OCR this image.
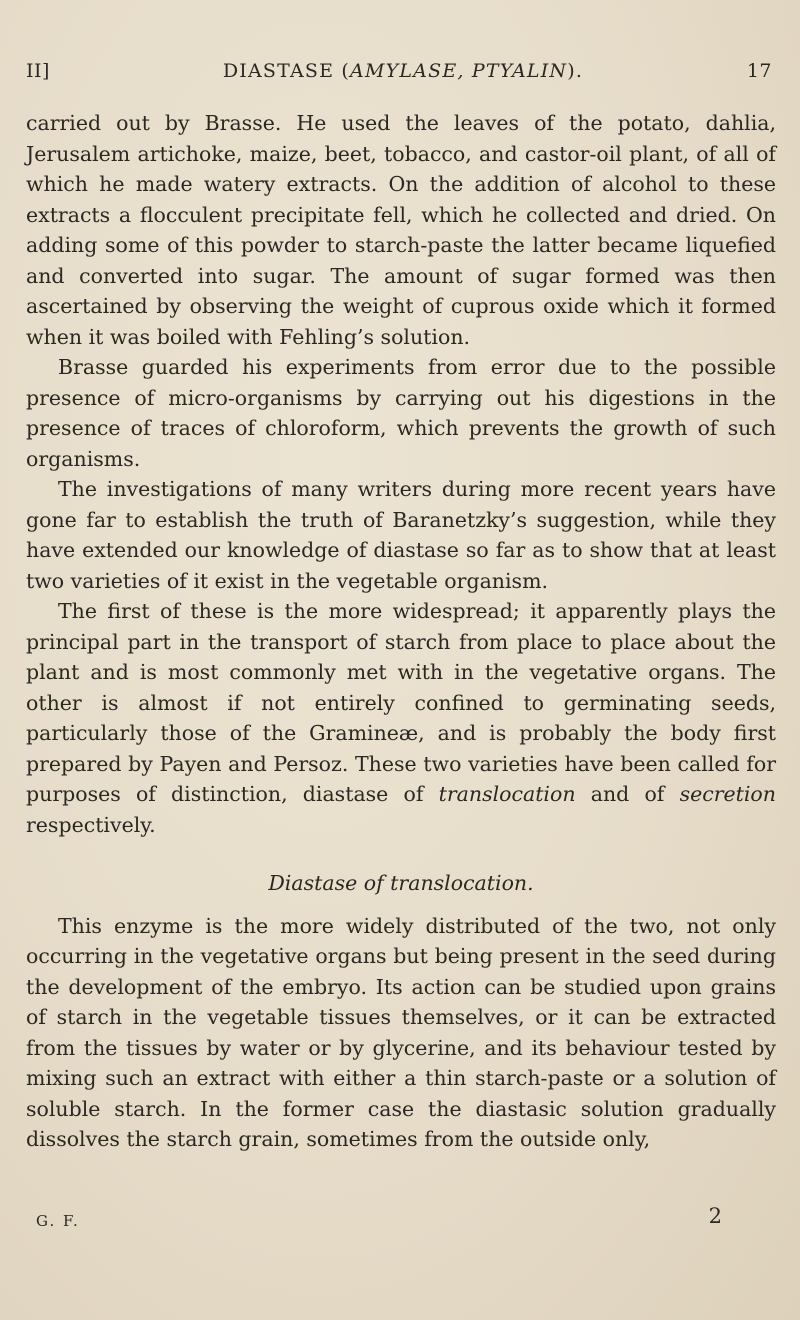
II]	DIASTASE (AMYLASE, PTYALIN).	17

carried out by Brasse. He used the leaves of the potato, dahlia, Jerusalem artichoke, maize, beet, tobacco, and castor-oil plant, of all of which he made watery extracts. On the addition of alcohol to these extracts a flocculent precipitate fell, which he collected and dried. On adding some of this powder to starch-paste the latter became liquefied and converted into sugar. The amount of sugar formed was then ascertained by observing the weight of cuprous oxide which it formed when it was boiled with Fehling’s solution.

Brasse guarded his experiments from error due to the possible presence of micro-organisms by carrying out his digestions in the presence of traces of chloroform, which prevents the growth of such organisms.

The investigations of many writers during more recent years have gone far to establish the truth of Baranetzky’s suggestion, while they have extended our knowledge of diastase so far as to show that at least two varieties of it exist in the vegetable organism.

The first of these is the more widespread; it apparently plays the principal part in the transport of starch from place to place about the plant and is most commonly met with in the vegetative organs. The other is almost if not entirely confined to germinating seeds, particularly those of the Gramineæ, and is probably the body first prepared by Payen and Persoz. These two varieties have been called for purposes of distinction, diastase of translocation and of secretion respectively.

Diastase of translocation.

This enzyme is the more widely distributed of the two, not only occurring in the vegetative organs but being present in the seed during the development of the embryo. Its action can be studied upon grains of starch in the vegetable tissues themselves, or it can be extracted from the tissues by water or by glycerine, and its behaviour tested by mixing such an extract with either a thin starch-paste or a solution of soluble starch. In the former case the diastasic solution gradually dissolves the starch grain, sometimes from the outside only,

G. F.	2
